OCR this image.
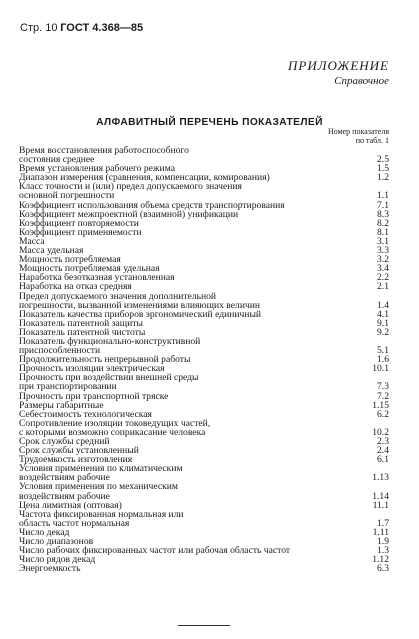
Стр. 10 ГОСТ 4.368—85
ПРИЛОЖЕНИЕ
Справочное
АЛФАВИТНЫЙ ПЕРЕЧЕНЬ ПОКАЗАТЕЛЕЙ
Номер показателя
по табл. 1
Время восстановления работоспособного
состояния среднее	2.5
Время установления рабочего режима	1.5
Диапазон измерения (сравнения, компенсации, комирования)	1.2
Класс точности и (или) предел допускаемого значения
основной погрешности	1.1
Коэффициент использования объема средств транспортирования	7.1
Коэффициент межпроектной (взаимной) унификации	8.3
Коэффициент повторяемости	8.2
Коэффициент применяемости	8.1
Масса	3.1
Масса удельная	3.3
Мощность потребляемая	3.2
Мощность потребляемая удельная	3.4
Наработка безотказная установленная	2.2
Наработка на отказ средняя	2.1
Предел допускаемого значения дополнительной
погрешности, вызванной изменениями влияющих величин	1.4
Показатель качества приборов эргономический единичный	4.1
Показатель патентной защиты	9.1
Показатель патентной чистоты	9.2
Показатель функционально-конструктивной
приспособленности	5.1
Продолжительность непрерывной работы	1.6
Прочность изоляции электрическая	10.1
Прочность при воздействии внешней среды
при транспортировании	7.3
Прочность при транспортной тряске	7.2
Размеры габаритные	1.15
Себестоимость технологическая	6.2
Сопротивление изоляции токоведущих частей,
с которыми возможно соприкасание человека	10.2
Срок службы средний	2.3
Срок службы установленный	2.4
Трудоемкость изготовления	6.1
Условия применения по климатическим
воздействиям рабочие	1.13
Условия применения по механическим
воздействиям рабочие	1.14
Цена лимитная (оптовая)	11.1
Частота фиксированная нормальная или
область частот нормальная	1.7
Число декад	1.11
Число диапазонов	1.9
Число рабочих фиксированных частот или рабочая область частот	1.3
Число рядов декад	1.12
Энергоемкость	6.3
